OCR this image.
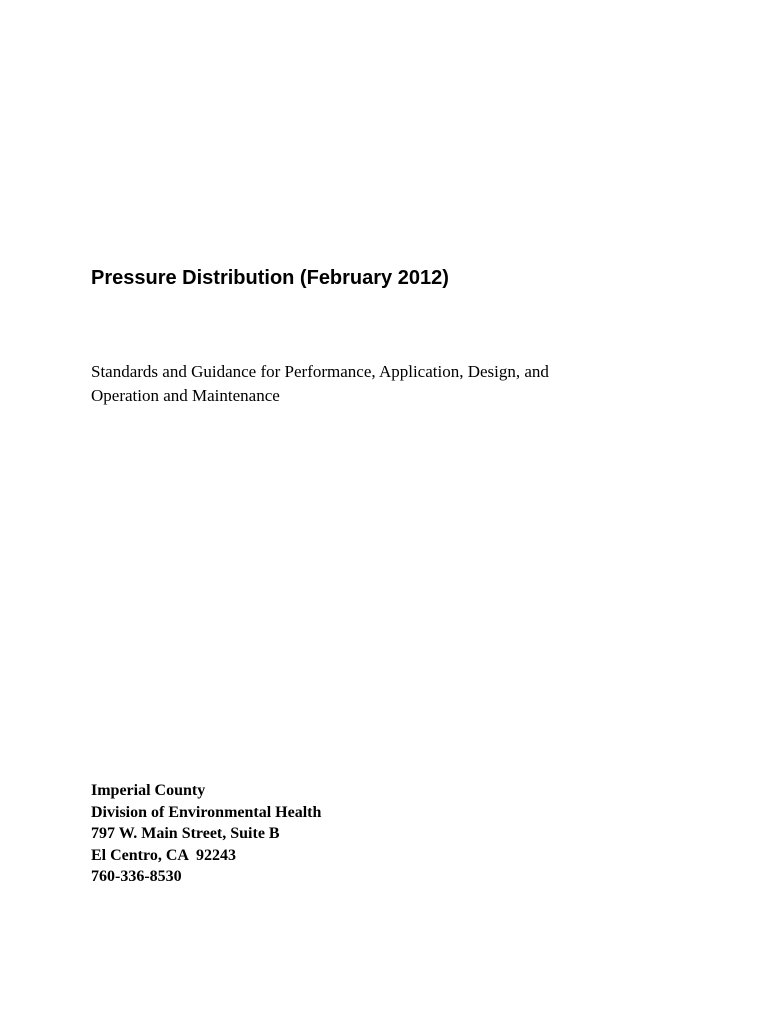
Pressure Distribution (February 2012)

Standards and Guidance for Performance, Application, Design, and
Operation and Maintenance

Imperial County
Division of Environmental Health
797 W. Main Street, Suite B
El Centro, CA  92243
760-336-8530
